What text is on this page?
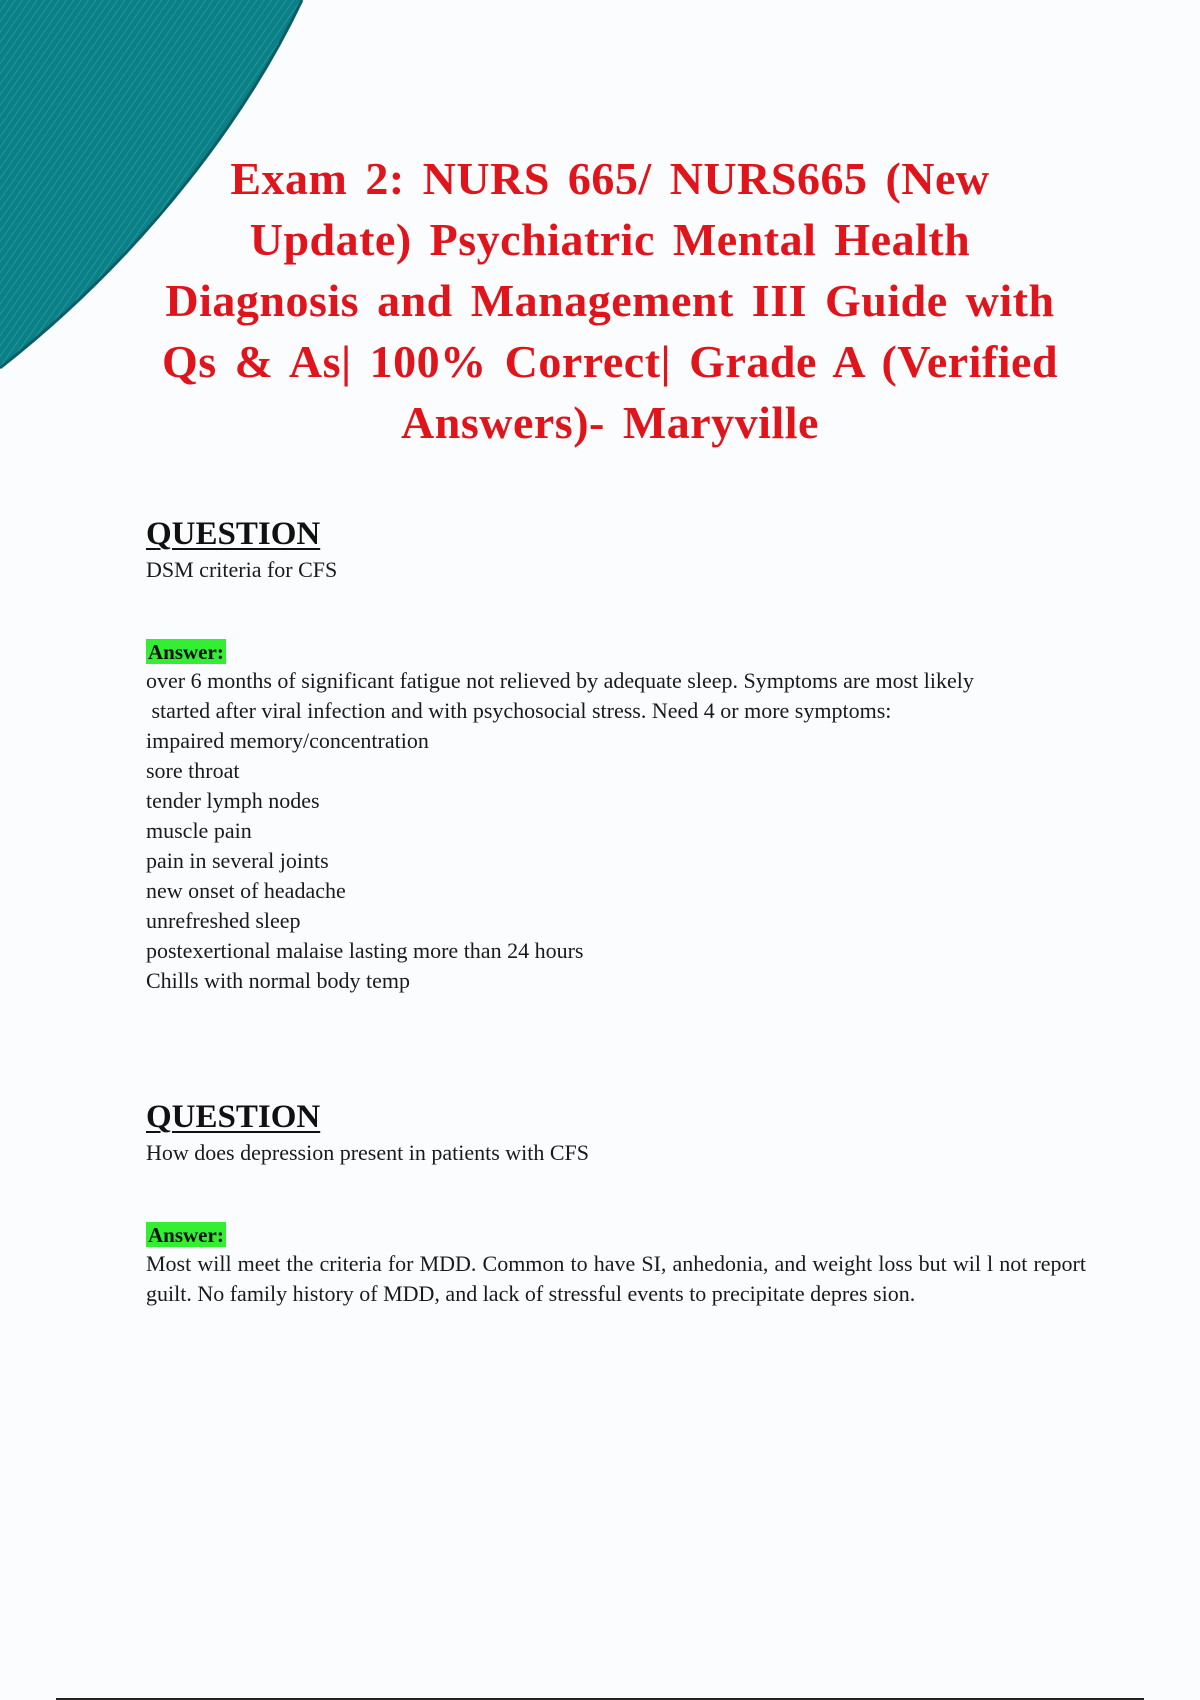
Exam 2: NURS 665/ NURS665 (New
Update) Psychiatric Mental Health
Diagnosis and Management III Guide with
Qs & As| 100% Correct| Grade A (Verified
Answers)- Maryville
QUESTION
DSM criteria for CFS
Answer:
over 6 months of significant fatigue not relieved by adequate sleep. Symptoms are most likely
started after viral infection and with psychosocial stress. Need 4 or more symptoms:
impaired memory/concentration
sore throat
tender lymph nodes
muscle pain
pain in several joints
new onset of headache
unrefreshed sleep
postexertional malaise lasting more than 24 hours
Chills with normal body temp
QUESTION
How does depression present in patients with CFS
Answer:
Most will meet the criteria for MDD. Common to have SI, anhedonia, and weight loss but wil l not report guilt. No family history of MDD, and lack of stressful events to precipitate depres sion.
